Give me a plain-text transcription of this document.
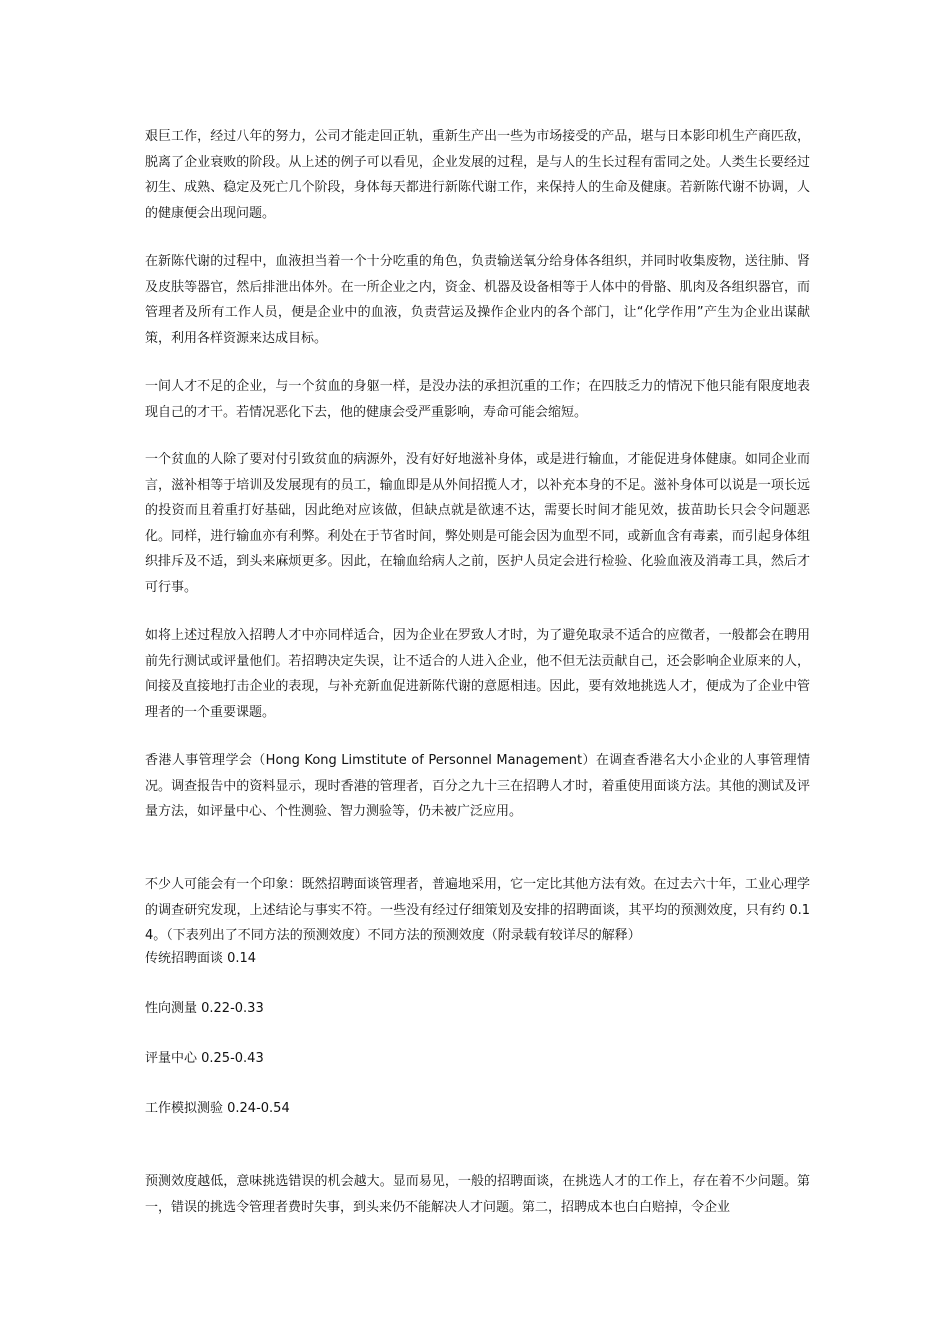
艰巨工作，经过八年的努力，公司才能走回正轨，重新生产出一些为市场接受的产品，堪与日本影印机生产商匹敌，脱离了企业衰败的阶段。从上述的例子可以看见，企业发展的过程，是与人的生长过程有雷同之处。人类生长要经过初生、成熟、稳定及死亡几个阶段，身体每天都进行新陈代谢工作，来保持人的生命及健康。若新陈代谢不协调，人的健康便会出现问题。

在新陈代谢的过程中，血液担当着一个十分吃重的角色，负责输送氧分给身体各组织，并同时收集废物，送往肺、肾及皮肤等器官，然后排泄出体外。在一所企业之内，资金、机器及设备相等于人体中的骨骼、肌肉及各组织器官，而管理者及所有工作人员，便是企业中的血液，负责营运及操作企业内的各个部门，让“化学作用”产生为企业出谋献策，利用各样资源来达成目标。

一间人才不足的企业，与一个贫血的身躯一样，是没办法的承担沉重的工作；在四肢乏力的情况下他只能有限度地表现自己的才干。若情况恶化下去，他的健康会受严重影响，寿命可能会缩短。

一个贫血的人除了要对付引致贫血的病源外，没有好好地滋补身体，或是进行输血，才能促进身体健康。如同企业而言，滋补相等于培训及发展现有的员工，输血即是从外间招揽人才，以补充本身的不足。滋补身体可以说是一项长远的投资而且着重打好基础，因此绝对应该做，但缺点就是欲速不达，需要长时间才能见效，拔苗助长只会令问题恶化。同样，进行输血亦有利弊。利处在于节省时间，弊处则是可能会因为血型不同，或新血含有毒素，而引起身体组织排斥及不适，到头来麻烦更多。因此，在输血给病人之前，医护人员定会进行检验、化验血液及消毒工具，然后才可行事。

如将上述过程放入招聘人才中亦同样适合，因为企业在罗致人才时，为了避免取录不适合的应徵者，一般都会在聘用前先行测试或评量他们。若招聘决定失误，让不适合的人进入企业，他不但无法贡献自己，还会影响企业原来的人，间接及直接地打击企业的表现，与补充新血促进新陈代谢的意愿相违。因此，要有效地挑选人才，便成为了企业中管理者的一个重要课题。

香港人事管理学会（Hong Kong Limstitute of Personnel Management）在调查香港名大小企业的人事管理情况。调查报告中的资料显示，现时香港的管理者，百分之九十三在招聘人才时，着重使用面谈方法。其他的测试及评量方法，如评量中心、个性测验、智力测验等，仍未被广泛应用。

不少人可能会有一个印象：既然招聘面谈管理者，普遍地采用，它一定比其他方法有效。在过去六十年，工业心理学的调查研究发现，上述结论与事实不符。一些没有经过仔细策划及安排的招聘面谈，其平均的预测效度，只有约 0.14。（下表列出了不同方法的预测效度）不同方法的预测效度（附录载有较详尽的解释）

传统招聘面谈 0.14

性向测量 0.22-0.33

评量中心 0.25-0.43

工作模拟测验 0.24-0.54

预测效度越低，意味挑选错误的机会越大。显而易见，一般的招聘面谈，在挑选人才的工作上，存在着不少问题。第一，错误的挑选令管理者费时失事，到头来仍不能解决人才问题。第二，招聘成本也白白赔掉，令企业
